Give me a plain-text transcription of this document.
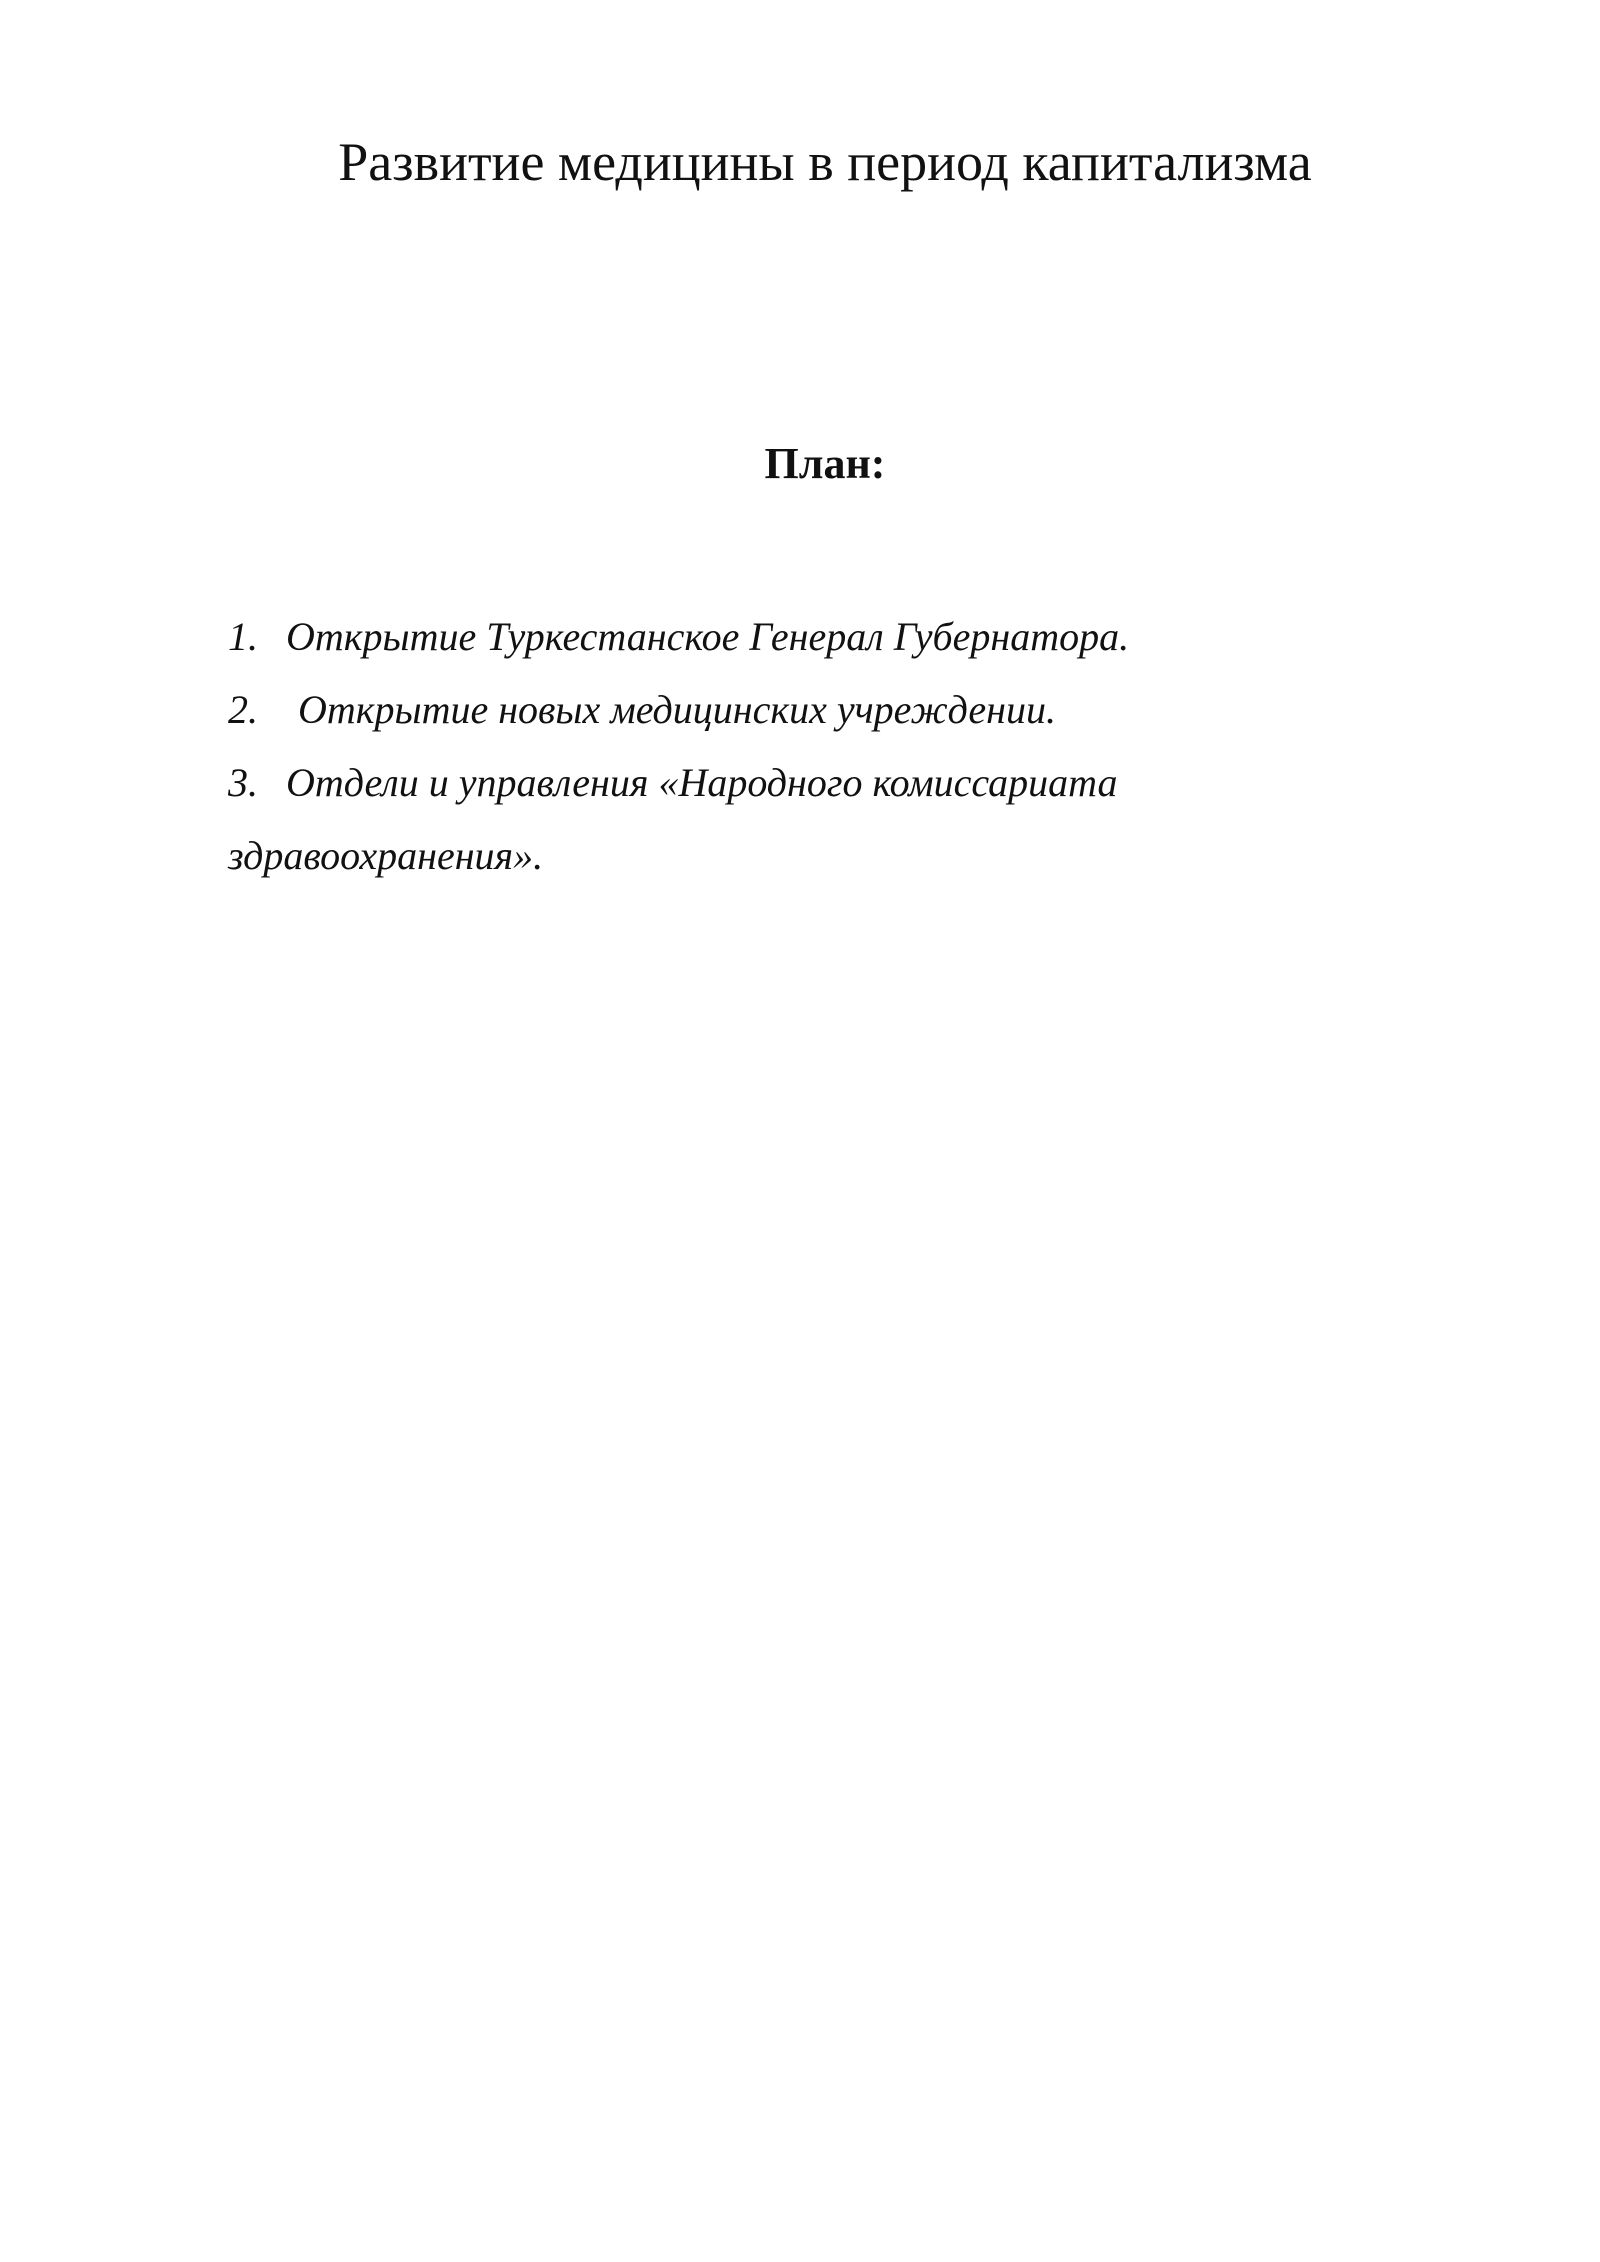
Развитие медицины в период капитализма
План:
1. Открытие Туркестанское Генерал Губернатора.
2. Открытие новых медицинских учреждении.
3. Отдели и управления «Народного комиссариата
здравоохранения».
